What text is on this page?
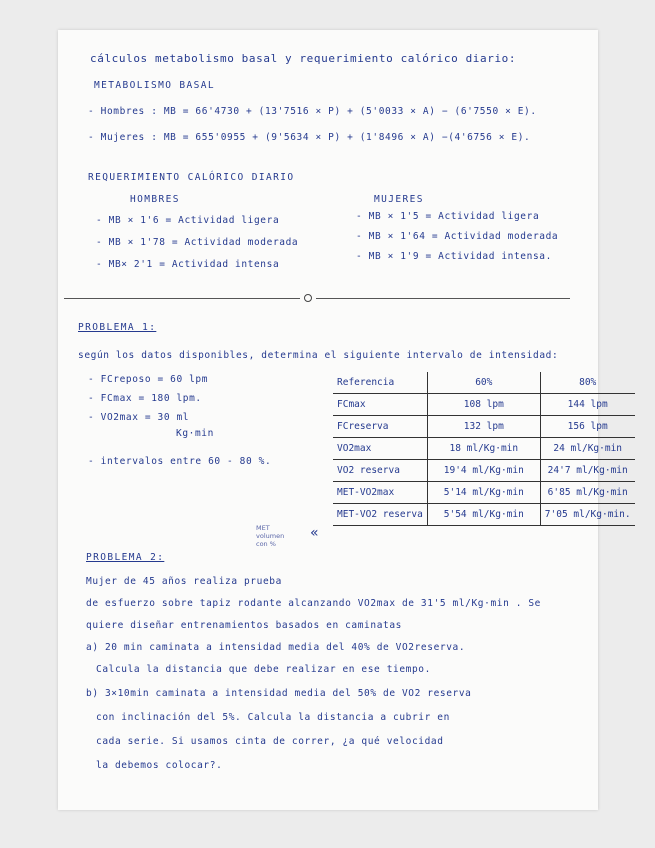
cálculos metabolismo basal y requerimiento calórico diario:
METABOLISMO BASAL
- Hombres : MB = 66'4730 + (13'7516 × P) + (5'0033 × A) − (6'7550 × E).
- Mujeres : MB = 655'0955 + (9'5634 × P) + (1'8496 × A) −(4'6756 × E).
REQUERIMIENTO CALÓRICO DIARIO
HOMBRES	MUJERES
- MB × 1'6 = Actividad ligera
- MB × 1'78 = Actividad moderada
- MB× 2'1 = Actividad intensa
- MB × 1'5 = Actividad ligera
- MB × 1'64 = Actividad moderada
- MB × 1'9 = Actividad intensa.
PROBLEMA 1:
según los datos disponibles, determina el siguiente intervalo de intensidad:
- FCreposo = 60 lpm
- FCmax = 180 lpm.
- VO2max = 30 ml
Kg·min
- intervalos entre 60 - 80 %.
Referencia	60%	80%
FCmax	108 lpm	144 lpm
FCreserva	132 lpm	156 lpm
VO2max	18 ml/Kg·min	24 ml/Kg·min
VO2 reserva	19'4 ml/Kg·min	24'7 ml/Kg·min
MET-VO2max	5'14 ml/Kg·min	6'85 ml/Kg·min
MET-VO2 reserva	5'54 ml/Kg·min	7'05 ml/Kg·min.
MET
volumen
con %
«
PROBLEMA 2:
Mujer de 45 años realiza prueba
de esfuerzo sobre tapiz rodante alcanzando VO2max de 31'5 ml/Kg·min . Se
quiere diseñar entrenamientos basados en caminatas
a) 20 min caminata a intensidad media del 40% de VO2reserva.
Calcula la distancia que debe realizar en ese tiempo.
b) 3×10min caminata a intensidad media del 50% de VO2 reserva
con inclinación del 5%. Calcula la distancia a cubrir en
cada serie. Si usamos cinta de correr, ¿a qué velocidad
la debemos colocar?.
